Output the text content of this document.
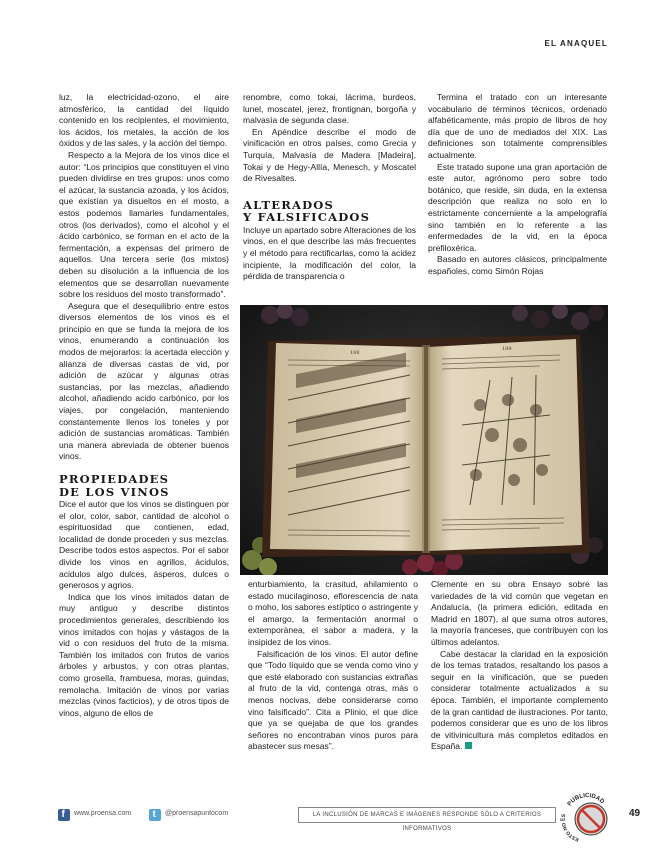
EL ANAQUEL

luz, la electricidad-ozono, el aire atmosférico, la cantidad del líquido contenido en los recipientes, el movimiento, los ácidos, los metales, la acción de los óxidos y de las sales, y la acción del tiempo.

Respecto a la Mejora de los vinos dice el autor: “Los principios que constituyen el vino pueden dividirse en tres grupos: unos como el azúcar, la sustancia azoada, y los ácidos, que existían ya disueltos en el mosto, a estos podemos llamarles fundamentales, otros (los derivados), como el alcohol y el ácido carbónico, se forman en el acto de la fermentación, a expensas del primero de aquellos. Una tercera serie (los mixtos) deben su disolución a la influencia de los elementos que se desarrollan nuevamente sobre los residuos del mosto transformado”.

Asegura que el desequilibrio entre estos diversos elementos de los vinos es el principio en que se funda la mejora de los vinos, enumerando a continuación los modos de mejorarlos: la acertada elección y alianza de diversas castas de vid, por adición de azúcar y algunas otras sustancias, por las mezclas, añadiendo alcohol, añadiendo acido carbónico, por los viajes, por congelación, manteniendo constantemente llenos los toneles y por adición de sustancias aromáticas. También una manera abreviada de obtener buenos vinos.

PROPIEDADES
DE LOS VINOS

Dice el autor que los vinos se distinguen por el olor, color, sabor, cantidad de alcohol o espirituosidad que contienen, edad, localidad de donde proceden y sus mezclas. Describe todos estos aspectos. Por el sabor divide los vinos en agrillos, ácidulos, acidulos algo dulces, ásperos, dulces o generosos y agrios.

Indica que los vinos imitados datan de muy antiguo y describe distintos procedimientos generales, describiendo los vinos imitados con hojas y vástagos de la vid o con residuos del fruto de la misma. También los imitados con frutos de varios árboles y arbustos, y con otras plantas, como grosella, frambuesa, moras, guindas, remolacha. Imitación de vinos por varias mezclas (vinos facticios), y de otros tipos de vinos, alguno de ellos de

renombre, como tokai, lácrima, burdeos, lunel, moscatel, jerez, frontignan, borgoña y malvasía de segunda clase.

En Apéndice describe el modo de vinificación en otros países, como Grecia y Turquía, Malvasía de Madera [Madeira], Tokai y de Hegy-Allía, Menesch, y Moscatel de Rivesaltes.

ALTERADOS
Y FALSIFICADOS

Incluye un apartado sobre Alteraciones de los vinos, en el que describe las más frecuentes y el método para rectificarlas, como la acidez incipiente, la modificación del color, la pérdida de transparencia o

Termina el tratado con un interesante vocabulario de términos técnicos, ordenado alfabéticamente, más propio de libros de hoy día que de uno de mediados del XIX. Las definiciones son totalmente comprensibles actualmente.

Este tratado supone una gran aportación de este autor, agrónomo pero sobre todo botánico, que reside, sin duda, en la extensa descripción que realiza no solo en lo estrictamente concerniente a la ampelografía sino también en lo referente a las enfermedades de la vid, en la época prefiloxérica.

Basado en autores clásicos, principalmente españoles, como Simón Rojas

188
189

enturbiamiento, la crasitud, ahilamiento o estado mucilaginoso, eflorescencia de nata o moho, los sabores estíptico o astringente y el amargo, la fermentación anormal o extemporánea, el sabor a madera, y la insipidez de los vinos.

Falsificación de los vinos. El autor define que “Todo líquido que se venda como vino y que esté elaborado con sustancias extrañas al fruto de la vid, contenga otras, más o menos nocivas, debe considerarse como vino falsificado”. Cita a Plinio, el que dice que ya se quejaba de que los grandes señores no encontraban vinos puros para abastecer sus mesas”.

Clemente en su obra Ensayo sobre las variedades de la vid común que vegetan en Andalucía, (la primera edición, editada en Madrid en 1807), al que suma otros autores, la mayoría franceses, que contribuyen con los últimos adelantos.

Cabe destacar la claridad en la exposición de los temas tratados, resaltando los pasos a seguir en la vinificación, que se pueden considerar totalmente actualizados a su época. También, el importante complemento de la gran cantidad de ilustraciones. Por tanto, podemos considerar que es uno de los libros de vitivinicultura más completos editados en España.

f
www.proensa.com
t	@proensapuntocom	LA INCLUSIÓN DE MARCAS E IMÁGENES RESPONDE SÓLO A CRITERIOS INFORMATIVOS
PUBLICIDAD
ESTO NO ES	49
